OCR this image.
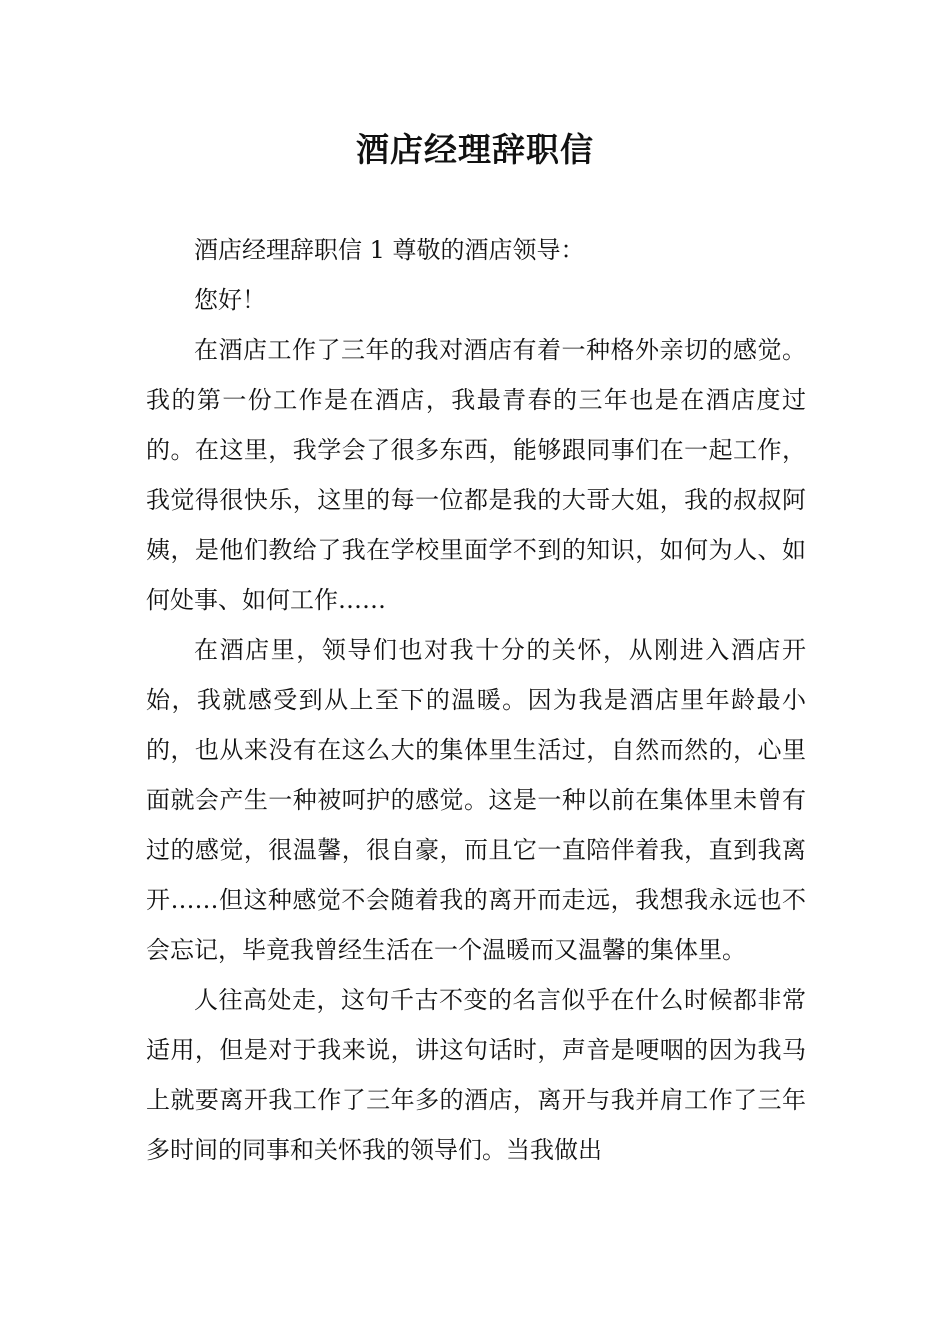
酒店经理辞职信

酒店经理辞职信 1 尊敬的酒店领导：

您好！

在酒店工作了三年的我对酒店有着一种格外亲切的感觉。我的第一份工作是在酒店，我最青春的三年也是在酒店度过的。在这里，我学会了很多东西，能够跟同事们在一起工作，我觉得很快乐，这里的每一位都是我的大哥大姐，我的叔叔阿姨，是他们教给了我在学校里面学不到的知识，如何为人、如何处事、如何工作……

在酒店里，领导们也对我十分的关怀，从刚进入酒店开始，我就感受到从上至下的温暖。因为我是酒店里年龄最小的，也从来没有在这么大的集体里生活过，自然而然的，心里面就会产生一种被呵护的感觉。这是一种以前在集体里未曾有过的感觉，很温馨，很自豪，而且它一直陪伴着我，直到我离开……但这种感觉不会随着我的离开而走远，我想我永远也不会忘记，毕竟我曾经生活在一个温暖而又温馨的集体里。

人往高处走，这句千古不变的名言似乎在什么时候都非常适用，但是对于我来说，讲这句话时，声音是哽咽的因为我马上就要离开我工作了三年多的酒店，离开与我并肩工作了三年多时间的同事和关怀我的领导们。当我做出
